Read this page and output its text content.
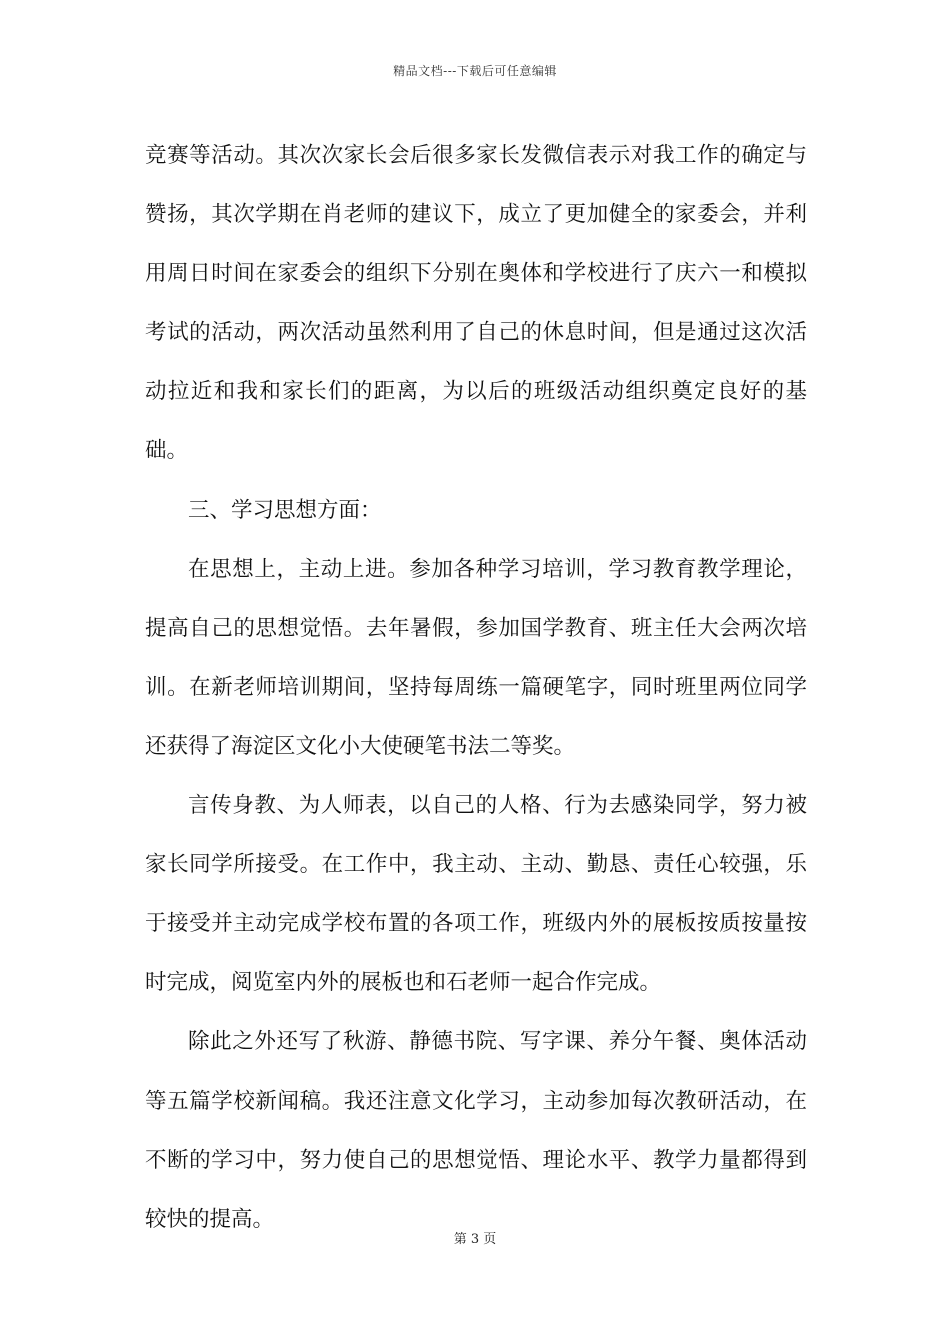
精品文档---下载后可任意编辑

竞赛等活动。其次次家长会后很多家长发微信表示对我工作的确定与赞扬，其次学期在肖老师的建议下，成立了更加健全的家委会，并利用周日时间在家委会的组织下分别在奥体和学校进行了庆六一和模拟考试的活动，两次活动虽然利用了自己的休息时间，但是通过这次活动拉近和我和家长们的距离，为以后的班级活动组织奠定良好的基础。

三、学习思想方面：

在思想上，主动上进。参加各种学习培训，学习教育教学理论，提高自己的思想觉悟。去年暑假，参加国学教育、班主任大会两次培训。在新老师培训期间，坚持每周练一篇硬笔字，同时班里两位同学还获得了海淀区文化小大使硬笔书法二等奖。

言传身教、为人师表，以自己的人格、行为去感染同学，努力被家长同学所接受。在工作中，我主动、主动、勤恳、责任心较强，乐于接受并主动完成学校布置的各项工作，班级内外的展板按质按量按时完成，阅览室内外的展板也和石老师一起合作完成。

除此之外还写了秋游、静德书院、写字课、养分午餐、奥体活动等五篇学校新闻稿。我还注意文化学习，主动参加每次教研活动，在不断的学习中，努力使自己的思想觉悟、理论水平、教学力量都得到较快的提高。

第 3 页
